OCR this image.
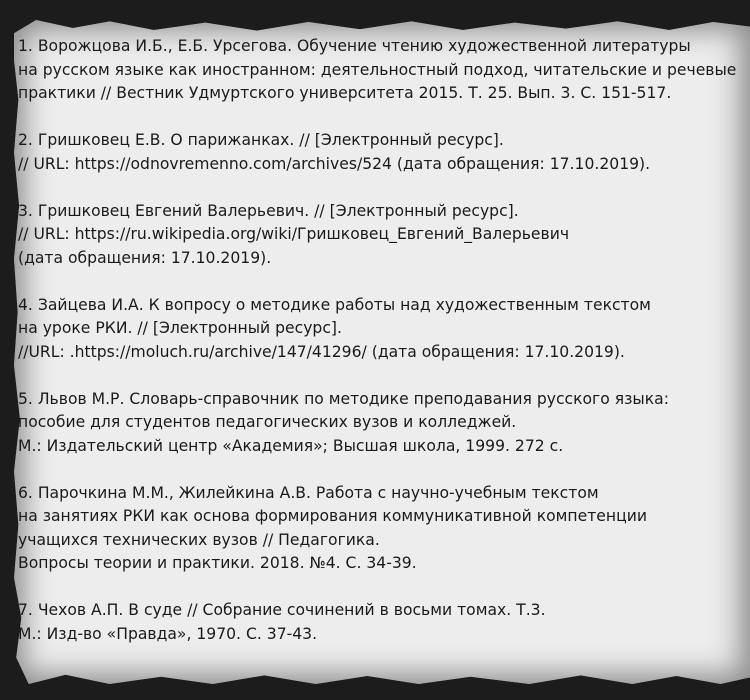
1. Ворожцова И.Б., Е.Б. Урсегова. Обучение чтению художественной литературы
на русском языке как иностранном: деятельностный подход, читательские и речевые
практики // Вестник Удмуртского университета 2015. Т. 25. Вып. 3. С. 151-517.
2. Гришковец Е.В. О парижанках. // [Электронный ресурс].
// URL: https://odnovremenno.com/archives/524 (дата обращения: 17.10.2019).
3. Гришковец Евгений Валерьевич. // [Электронный ресурс].
// URL: https://ru.wikipedia.org/wiki/Гришковец_Евгений_Валерьевич
(дата обращения: 17.10.2019).
4. Зайцева И.А. К вопросу о методике работы над художественным текстом
на уроке РКИ. // [Электронный ресурс].
//URL: .https://moluch.ru/archive/147/41296/ (дата обращения: 17.10.2019).
5. Львов М.Р. Словарь-справочник по методике преподавания русского языка:
пособие для студентов педагогических вузов и колледжей.
М.: Издательский центр «Академия»; Высшая школа, 1999. 272 с.
6. Парочкина М.М., Жилейкина А.В. Работа с научно-учебным текстом
на занятиях РКИ как основа формирования коммуникативной компетенции
учащихся технических вузов // Педагогика.
Вопросы теории и практики. 2018. №4. С. 34-39.
7. Чехов А.П. В суде // Собрание сочинений в восьми томах. Т.3.
М.: Изд-во «Правда», 1970. С. 37-43.
